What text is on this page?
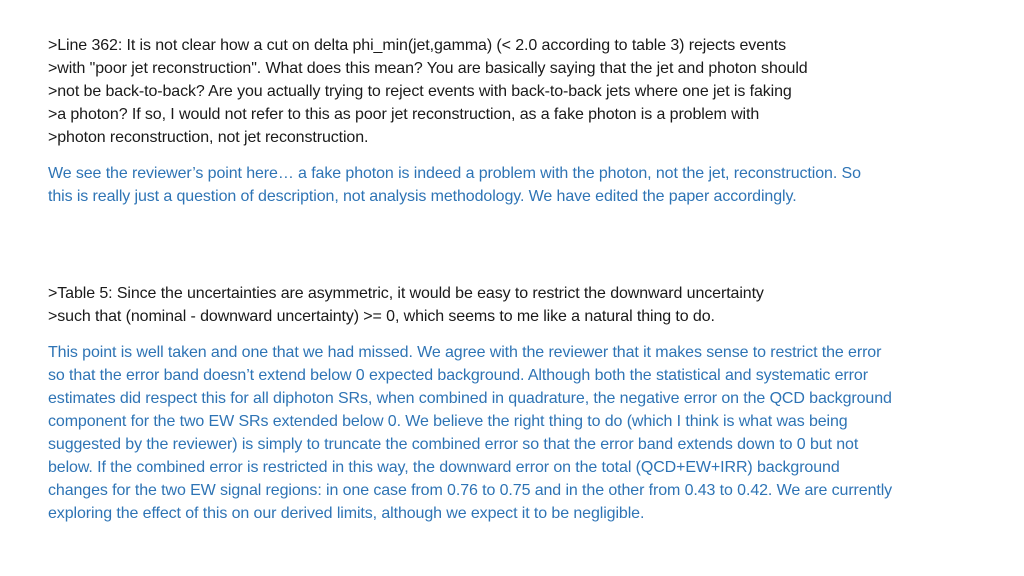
>Line 362: It is not clear how a cut on delta phi_min(jet,gamma) (< 2.0 according to table 3) rejects events
>with "poor jet reconstruction". What does this mean? You are basically saying that the jet and photon should
>not be back-to-back? Are you actually trying to reject events with back-to-back jets where one jet is faking
>a photon? If so, I would not refer to this as poor jet reconstruction, as a fake photon is a problem with
>photon reconstruction, not jet reconstruction.
We see the reviewer’s point here… a fake photon is indeed a problem with the photon, not the jet, reconstruction. So
this is really just a question of description, not analysis methodology. We have edited the paper accordingly.
>Table 5: Since the uncertainties are asymmetric, it would be easy to restrict the downward uncertainty
>such that (nominal - downward uncertainty) >= 0, which seems to me like a natural thing to do.
This point is well taken and one that we had missed. We agree with the reviewer that it makes sense to restrict the error
so that the error band doesn’t extend below 0 expected background. Although both the statistical and systematic error
estimates did respect this for all diphoton SRs, when combined in quadrature, the negative error on the QCD background
component for the two EW SRs extended below 0. We believe the right thing to do (which I think is what was being
suggested by the reviewer) is simply to truncate the combined error so that the error band extends down to 0 but not
below. If the combined error is restricted in this way, the downward error on the total (QCD+EW+IRR) background
changes for the two EW signal regions: in one case from 0.76 to 0.75 and in the other from 0.43 to 0.42. We are currently
exploring the effect of this on our derived limits, although we expect it to be negligible.
